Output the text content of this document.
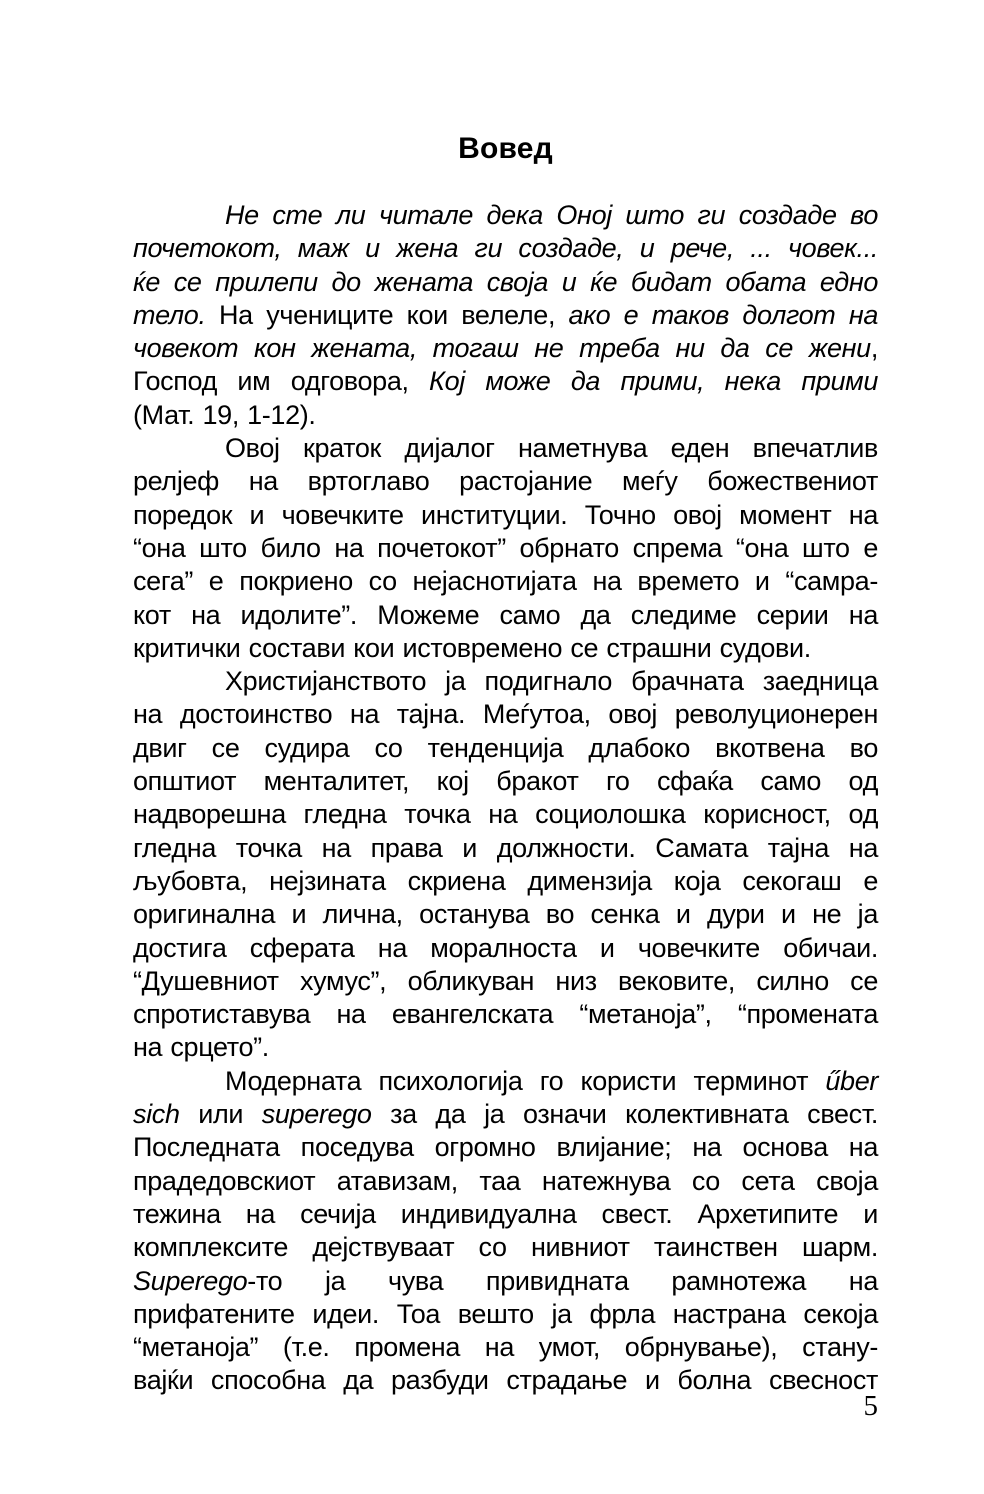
Вовед
Не сте ли читале дека Оној што ги создаде во
почетокот, маж и жена ги создаде, и рече, ... човек...
ќе се прилепи до жената своја и ќе бидат обата едно
тело. На учениците кои велеле, ако е таков долгот на
човекот кон жената, тогаш не треба ни да се жени,
Господ им одговора, Кој може да прими, нека прими
(Мат. 19, 1-12).
Овој краток дијалог наметнува еден впечатлив
релјеф на вртоглаво растојание меѓу божествениот
поредок и човечките институции. Точно овој момент на
“она што било на почетокот” обрнато спрема “она што е
сега” е покриено со нејаснотијата на времето и “самра-
кот на идолите”. Можеме само да следиме серии на
критички состави кои истовремено се страшни судови.
Христијанството ја подигнало брачната заедница
на достоинство на тајна. Меѓутоа, овој револуционерен
двиг се судира со тенденција длабоко вкотвена во
општиот менталитет, кој бракот го сфаќа само од
надворешна гледна точка на социолошка корисност, од
гледна точка на права и должности. Самата тајна на
љубовта, нејзината скриена димензија која секогаш е
оригинална и лична, останува во сенка и дури и не ја
достига сферата на моралноста и човечките обичаи.
“Душевниот хумус”, обликуван низ вековите, силно се
спротиставува на евангелската “метаноја”, “промената
на срцето”.
Модерната психологија го користи терминот űber
sich или superego за да ја означи колективната свест.
Последната поседува огромно влијание; на основа на
прадедовскиот атавизам, таа натежнува со сета своја
тежина на сечија индивидуална свест. Архетипите и
комплексите дејствуваат со нивниот таинствен шарм.
Superego-то ја чува привидната рамнотежа на
прифатените идеи. Тоа вешто ја фрла настрана секоја
“метаноја” (т.е. промена на умот, обрнување), стану-
вајќи способна да разбуди страдање и болна свесност
5
